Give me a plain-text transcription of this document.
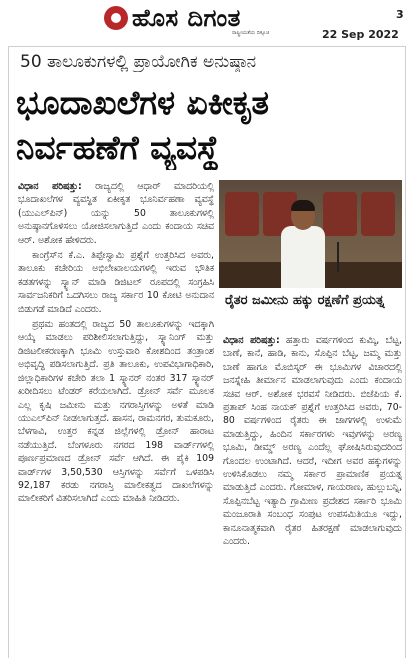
ಹೊಸ ದಿಗಂತ
ರಾಷ್ಟ್ರೀಯತೆಯ ದಿಕ್ಸೂಚಿ
3
22 Sep 2022
50 ತಾಲೂಕುಗಳಲ್ಲಿ ಪ್ರಾಯೋಗಿಕ ಅನುಷ್ಠಾನ
ಭೂದಾಖಲೆಗಳ ಏಕೀಕೃತ
ನಿರ್ವಹಣೆಗೆ ವ್ಯವಸ್ಥೆ

ವಿಧಾನ ಪರಿಷತ್ತು: ರಾಜ್ಯದಲ್ಲಿ ಆಧಾರ್ ಮಾದರಿಯಲ್ಲಿ ಭೂದಾಖಲೆಗಳ ವ್ಯವಸ್ಥಿತ ಏಕೀಕೃತ ಭೂನಿರ್ವಹಣಾ ವ್ಯವಸ್ಥೆ (ಯುಎಲ್‌ಪಿನ್) ಯನ್ನು 50 ತಾಲೂಕುಗಳಲ್ಲಿ ಅನುಷ್ಠಾನಗೊಳಿಸಲು ಯೋಜಿಸಲಾಗುತ್ತಿದೆ ಎಂದು ಕಂದಾಯ ಸಚಿವ ಆರ್. ಅಶೋಕ ಹೇಳಿದರು.

ಕಾಂಗ್ರೆಸ್‌ನ ಕೆ.ಎ. ತಿಪ್ಪೇಸ್ವಾಮಿ ಪ್ರಶ್ನೆಗೆ ಉತ್ತರಿಸಿದ ಅವರು, ತಾಲೂಕು ಕಚೇರಿಯ ಅಭಿಲೇಖಾಲಯಗಳಲ್ಲಿ ಇರುವ ಭೌತಿಕ ಕಡತಗಳನ್ನು ಸ್ಕ್ಯಾನ್ ಮಾಡಿ ಡಿಜಿಟಲ್ ರೂಪದಲ್ಲಿ ಸಂಗ್ರಹಿಸಿ ಸಾರ್ವಜನಿಕರಿಗೆ ಒದಗಿಸಲು ರಾಜ್ಯ ಸರ್ಕಾರ 10 ಕೋಟಿ ಅನುದಾನ ಬಿಡುಗಡೆ ಮಾಡಿದೆ ಎಂದರು.

ಪ್ರಥಮ ಹಂತದಲ್ಲಿ ರಾಜ್ಯದ 50 ತಾಲೂಕುಗಳನ್ನು ಇದಕ್ಕಾಗಿ ಆಯ್ಕೆ ಮಾಡಲು ಪರಿಶೀಲಿಸಲಾಗುತ್ತಿದ್ದು, ಸ್ಕ್ಯಾನಿಂಗ್ ಮತ್ತು ಡಿಜಿಟಲೀಕರಣಕ್ಕಾಗಿ ಭೂಮಿ ಉಸ್ತುವಾರಿ ಕೋಶದಿಂದ ತಂತ್ರಾಂಶ ಅಭಿವೃದ್ಧಿ ಪಡಿಸಲಾಗುತ್ತಿದೆ. ಪ್ರತಿ ತಾಲೂಕು, ಉಪವಿಭಾಗಾಧಿಕಾರಿ, ಜಿಲ್ಲಾಧಿಕಾರಿಗಳ ಕಚೇರಿ ತಲಾ 1 ಸ್ಕ್ಯಾನರ್ ನಂತರ 317 ಸ್ಕ್ಯಾನರ್ ಖರೀದಿಸಲು ಟೆಂಡರ್ ಕರೆಯಲಾಗಿದೆ. ಡ್ರೋನ್ ಸರ್ವೆ ಮೂಲಕ ಎಲ್ಲ ಕೃಷಿ ಜಮೀನು ಮತ್ತು ನಗರಾಸ್ತಿಗಳನ್ನು ಅಳತೆ ಮಾಡಿ ಯುಎಲ್‌ಪಿನ್ ನೀಡಲಾಗುತ್ತದೆ. ಹಾಸನ, ರಾಮನಗರ, ತುಮಕೂರು, ಬೆಳಗಾವಿ, ಉತ್ತರ ಕನ್ನಡ ಜಿಲ್ಲೆಗಳಲ್ಲಿ ಡ್ರೋನ್ ಹಾರಾಟ ನಡೆಯುತ್ತಿದೆ. ಬೆಂಗಳೂರು ನಗರದ 198 ವಾರ್ಡ್‌ಗಳಲ್ಲಿ ಪೂರ್ಣಪ್ರಮಾಣದ ಡ್ರೋನ್ ಸರ್ವೆ ಆಗಿದೆ. ಈ ಪೈಕಿ 109 ವಾರ್ಡ್‌ಗಳ 3,50,530 ಆಸ್ತಿಗಳನ್ನು ಸರ್ವೆಗೆ ಒಳಪಡಿಸಿ 92,187 ಕರಡು ನಗರಾಸ್ತಿ ಮಾಲೀಕತ್ವದ ದಾಖಲೆಗಳನ್ನು ಮಾಲೀಕರಿಗೆ ವಿತರಿಸಲಾಗಿದೆ ಎಂದು ಮಾಹಿತಿ ನೀಡಿದರು.

ರೈತರ ಜಮೀನು ಹಕ್ಕು ರಕ್ಷಣೆಗೆ ಪ್ರಯತ್ನ

ವಿಧಾನ ಪರಿಷತ್ತು: ಹತ್ತಾರು ವರ್ಷಗಳಿಂದ ಕುಮ್ಕಿ, ಬೆಟ್ಟ, ಬಾಣೆ, ಕಾನೆ, ಹಾಡಿ, ಕಾನು, ಸೊಪ್ಪಿನ ಬೆಟ್ಟ, ಜಮ್ಮ ಮತ್ತು ಬಾಣೆ ಹಾಗೂ ಮೊಬಿಸ್ಕರ್ ಈ ಭೂಮಿಗಳ ವಿಚಾರದಲ್ಲಿ ಜನಸ್ನೇಹಿ ತೀರ್ಮಾನ ಮಾಡಲಾಗುವುದು ಎಂದು ಕಂದಾಯ ಸಚಿವ ಆರ್. ಅಶೋಕ ಭರವಸೆ ನೀಡಿದರು. ಬಿಜೆಪಿಯ ಕೆ. ಪ್ರತಾಪ್ ಸಿಂಹ ನಾಯಕ್ ಪ್ರಶ್ನೆಗೆ ಉತ್ತರಿಸಿದ ಅವರು, 70-80 ವರ್ಷಗಳಿಂದ ರೈತರು ಈ ಜಾಗಗಳಲ್ಲಿ ಉಳುಮೆ ಮಾಡುತ್ತಿದ್ದು, ಹಿಂದಿನ ಸರ್ಕಾರಗಳು ಇವುಗಳನ್ನು ಅರಣ್ಯ ಭೂಮಿ, ಡೀಮ್ಡ್ ಅರಣ್ಯ ಎಂದೆಲ್ಲ ಘೋಷಿಸಿರುವುದರಿಂದ ಗೊಂದಲ ಉಂಟಾಗಿದೆ. ಆದರೆ, ಇದೀಗ ಅವರ ಹಕ್ಕುಗಳನ್ನು ಉಳಿಸಿಕೊಡಲು ನಮ್ಮ ಸರ್ಕಾರ ಪ್ರಾಮಾಣಿಕ ಪ್ರಯತ್ನ ಮಾಡುತ್ತಿದೆ ಎಂದರು. ಗೋಮಾಳ, ಗಾಯರಾಣ, ಹುಲ್ಲುಬನ್ನಿ, ಸೊಪ್ಪಿನಬೆಟ್ಟ ಇತ್ಯಾದಿ ಗ್ರಾಮೀಣ ಪ್ರದೇಶದ ಸರ್ಕಾರಿ ಭೂಮಿ ಮಂಜೂರಾತಿ ಸಂಬಂಧ ಸಂಪುಟ ಉಪಸಮಿತಿಯೂ ಇದ್ದು, ಕಾನೂನಾತ್ಮಕವಾಗಿ ರೈತರ ಹಿತರಕ್ಷಣೆ ಮಾಡಲಾಗುವುದು ಎಂದರು.
